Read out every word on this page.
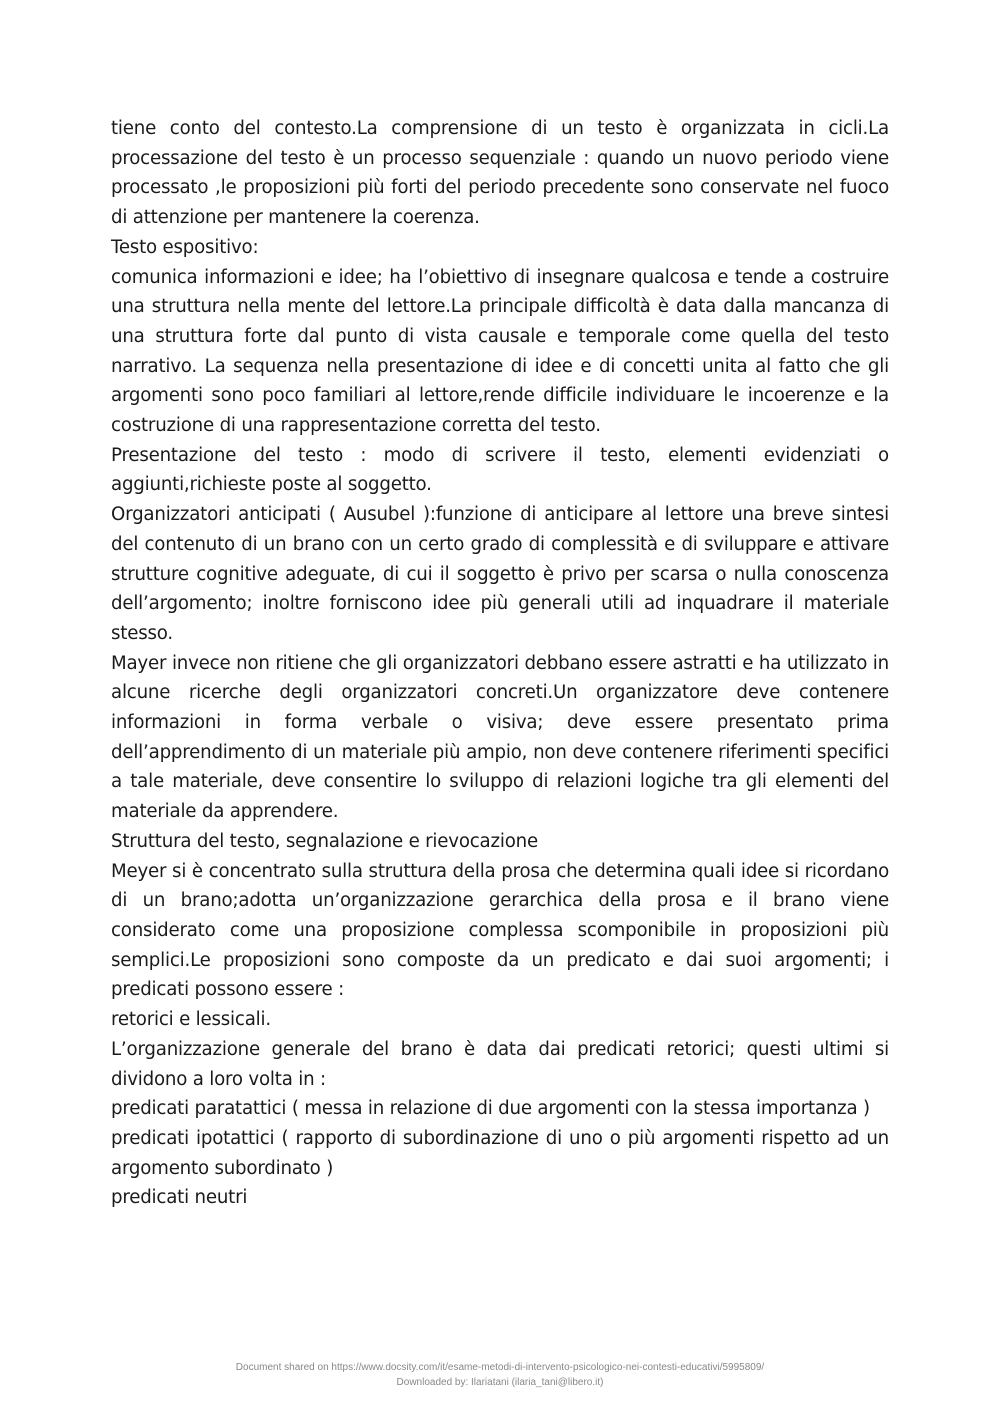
tiene conto del contesto.La comprensione di un testo è organizzata in cicli.La processazione del testo è un processo sequenziale : quando un nuovo periodo viene processato ,le proposizioni più forti del periodo precedente sono conservate nel fuoco di attenzione per mantenere la coerenza.

Testo espositivo:

comunica informazioni e idee; ha l’obiettivo di insegnare qualcosa e tende a costruire una struttura nella mente del lettore.La principale difficoltà è data dalla mancanza di una struttura forte dal punto di vista causale e temporale come quella del testo narrativo. La sequenza nella presentazione di idee e di concetti unita al fatto che gli argomenti sono poco familiari al lettore,rende difficile individuare le incoerenze e la costruzione di una rappresentazione corretta del testo.

Presentazione del testo : modo di scrivere il testo, elementi evidenziati o aggiunti,richieste poste al soggetto.

Organizzatori anticipati ( Ausubel ):funzione di anticipare al lettore una breve sintesi del contenuto di un brano con un certo grado di complessità e di sviluppare e attivare strutture cognitive adeguate, di cui il soggetto è privo per scarsa o nulla conoscenza dell’argomento; inoltre forniscono idee più generali utili ad inquadrare il materiale stesso.

Mayer invece non ritiene che gli organizzatori debbano essere astratti e ha utilizzato in alcune ricerche degli organizzatori concreti.Un organizzatore deve contenere informazioni in forma verbale o visiva; deve essere presentato prima dell’apprendimento di un materiale più ampio, non deve contenere riferimenti specifici a tale materiale, deve consentire lo sviluppo di relazioni logiche tra gli elementi del materiale da apprendere.

Struttura del testo, segnalazione e rievocazione

Meyer si è concentrato sulla struttura della prosa che determina quali idee si ricordano di un brano;adotta un’organizzazione gerarchica della prosa e il brano viene considerato come una proposizione complessa scomponibile in proposizioni più semplici.Le proposizioni sono composte da un predicato e dai suoi argomenti; i predicati possono essere :

retorici e lessicali.

L’organizzazione generale del brano è data dai predicati retorici; questi ultimi si dividono a loro volta in :

predicati paratattici ( messa in relazione di due argomenti con la stessa importanza )

predicati ipotattici ( rapporto di subordinazione di uno o più argomenti rispetto ad un argomento subordinato )

predicati neutri

Document shared on https://www.docsity.com/it/esame-metodi-di-intervento-psicologico-nei-contesti-educativi/5995809/
Downloaded by: Ilariatani (ilaria_tani@libero.it)
